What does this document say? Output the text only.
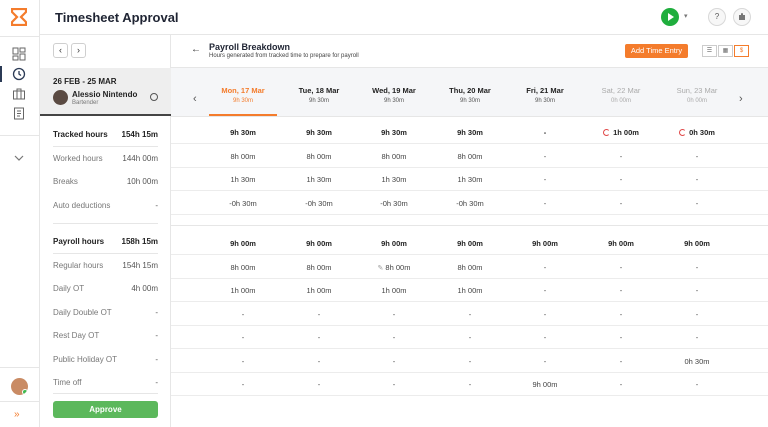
»
Timesheet Approval	▾	?
‹	›
26 FEB - 25 MAR
Alessio Nintendo
Bartender
Tracked hours 154h 15m
Worked hours 144h 00m
Breaks	10h 00m
Auto deductions	-
Payroll hours 158h 15m
Regular hours 154h 15m
Daily OT	4h 00m
Daily Double OT	-
Rest Day OT	-
Public Holiday OT	-
Time off	-
Approve
← Payroll Breakdown
Hours generated from tracked time to prepare for payroll
Add Time Entry	☰	▦	$
‹	›
Mon, 17 Mar
9h 30m
Tue, 18 Mar
9h 30m
Wed, 19 Mar
9h 30m
Thu, 20 Mar
9h 30m
Fri, 21 Mar
9h 30m
Sat, 22 Mar
0h 00m
Sun, 23 Mar
0h 00m
9h 30m	9h 30m	9h 30m	9h 30m	-	1h 00m	0h 30m
8h 00m	8h 00m	8h 00m	8h 00m	-	-	-
1h 30m	1h 30m	1h 30m	1h 30m	-	-	-
-0h 30m	-0h 30m	-0h 30m	-0h 30m	-	-	-
9h 00m	9h 00m	9h 00m	9h 00m	9h 00m	9h 00m	9h 00m
8h 00m	8h 00m	✎ 8h 00m	8h 00m	-	-	-
1h 00m	1h 00m	1h 00m	1h 00m	-	-	-
-	-	-	-	-	-	-
-	-	-	-	-	-	-
-	-	-	-	-	-	0h 30m
-	-	-	-	9h 00m	-	-
